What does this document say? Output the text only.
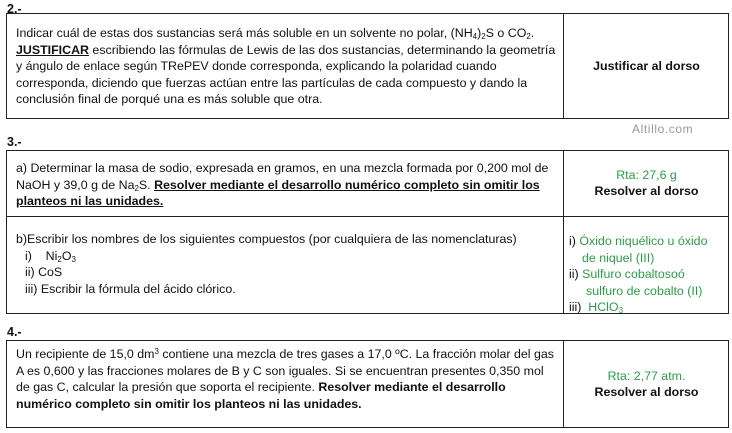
2.-
Indicar cuál de estas dos sustancias será más soluble en un solvente no polar, $(NH_4)_2S$ o $CO_2$. JUSTIFICAR escribiendo las fórmulas de Lewis de las dos sustancias, determinando la geometría y ángulo de enlace según TRePEV donde corresponda, explicando la polaridad cuando corresponda, diciendo que fuerzas actúan entre las partículas de cada compuesto y dando la conclusión final de porqué una es más soluble que otra.
Justificar al dorso
Altillo.com
3.-
a) Determinar la masa de sodio, expresada en gramos, en una mezcla formada por 0,200 mol de NaOH y 39,0 g de $Na_2S$. Resolver mediante el desarrollo numérico completo sin omitir los planteos ni las unidades.
Rta: 27,6 g
Resolver al dorso
b)Escribir los nombres de los siguientes compuestos (por cualquiera de las nomenclaturas)
i) $Ni_2O_3$
ii) CoS
iii) Escribir la fórmula del ácido clórico.
i) Óxido niquélico u óxido
de niquel (III)
ii) Sulfuro cobaltosoó
sulfuro de cobalto (II)
iii) HClO$_3$
4.-
Un recipiente de 15,0 $dm^3$ contiene una mezcla de tres gases a 17,0 ºC. La fracción molar del gas A es 0,600 y las fracciones molares de B y C son iguales. Si se encuentran presentes 0,350 mol de gas C, calcular la presión que soporta el recipiente. Resolver mediante el desarrollo numérico completo sin omitir los planteos ni las unidades.
Rta: 2,77 atm.
Resolver al dorso
